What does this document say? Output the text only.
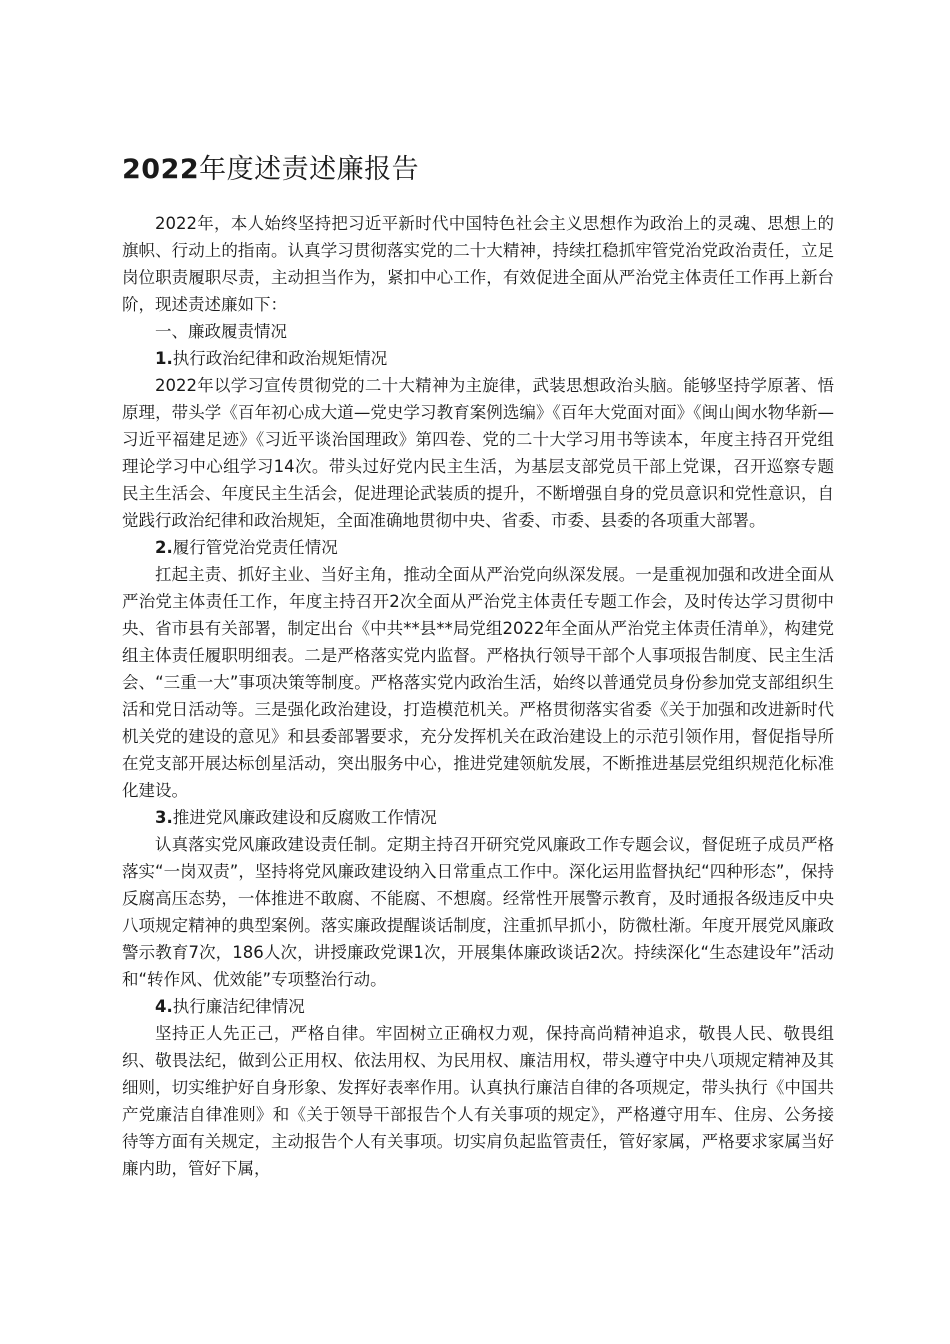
2022年度述责述廉报告

2022年，本人始终坚持把习近平新时代中国特色社会主义思想作为政治上的灵魂、思想上的旗帜、行动上的指南。认真学习贯彻落实党的二十大精神，持续扛稳抓牢管党治党政治责任，立足岗位职责履职尽责，主动担当作为，紧扣中心工作，有效促进全面从严治党主体责任工作再上新台阶，现述责述廉如下：

一、廉政履责情况

1.执行政治纪律和政治规矩情况

2022年以学习宣传贯彻党的二十大精神为主旋律，武装思想政治头脑。能够坚持学原著、悟原理，带头学《百年初心成大道—党史学习教育案例选编》《百年大党面对面》《闽山闽水物华新—习近平福建足迹》《习近平谈治国理政》第四卷、党的二十大学习用书等读本，年度主持召开党组理论学习中心组学习14次。带头过好党内民主生活，为基层支部党员干部上党课，召开巡察专题民主生活会、年度民主生活会，促进理论武装质的提升，不断增强自身的党员意识和党性意识，自觉践行政治纪律和政治规矩，全面准确地贯彻中央、省委、市委、县委的各项重大部署。

2.履行管党治党责任情况

扛起主责、抓好主业、当好主角，推动全面从严治党向纵深发展。一是重视加强和改进全面从严治党主体责任工作，年度主持召开2次全面从严治党主体责任专题工作会，及时传达学习贯彻中央、省市县有关部署，制定出台《中共**县**局党组2022年全面从严治党主体责任清单》，构建党组主体责任履职明细表。二是严格落实党内监督。严格执行领导干部个人事项报告制度、民主生活会、“三重一大”事项决策等制度。严格落实党内政治生活，始终以普通党员身份参加党支部组织生活和党日活动等。三是强化政治建设，打造模范机关。严格贯彻落实省委《关于加强和改进新时代机关党的建设的意见》和县委部署要求，充分发挥机关在政治建设上的示范引领作用，督促指导所在党支部开展达标创星活动，突出服务中心，推进党建领航发展，不断推进基层党组织规范化标准化建设。

3.推进党风廉政建设和反腐败工作情况

认真落实党风廉政建设责任制。定期主持召开研究党风廉政工作专题会议，督促班子成员严格落实“一岗双责”，坚持将党风廉政建设纳入日常重点工作中。深化运用监督执纪“四种形态”，保持反腐高压态势，一体推进不敢腐、不能腐、不想腐。经常性开展警示教育，及时通报各级违反中央八项规定精神的典型案例。落实廉政提醒谈话制度，注重抓早抓小，防微杜渐。年度开展党风廉政警示教育7次，186人次，讲授廉政党课1次，开展集体廉政谈话2次。持续深化“生态建设年”活动和“转作风、优效能”专项整治行动。

4.执行廉洁纪律情况

坚持正人先正己，严格自律。牢固树立正确权力观，保持高尚精神追求，敬畏人民、敬畏组织、敬畏法纪，做到公正用权、依法用权、为民用权、廉洁用权，带头遵守中央八项规定精神及其细则，切实维护好自身形象、发挥好表率作用。认真执行廉洁自律的各项规定，带头执行《中国共产党廉洁自律准则》和《关于领导干部报告个人有关事项的规定》，严格遵守用车、住房、公务接待等方面有关规定，主动报告个人有关事项。切实肩负起监管责任，管好家属，严格要求家属当好廉内助，管好下属，
